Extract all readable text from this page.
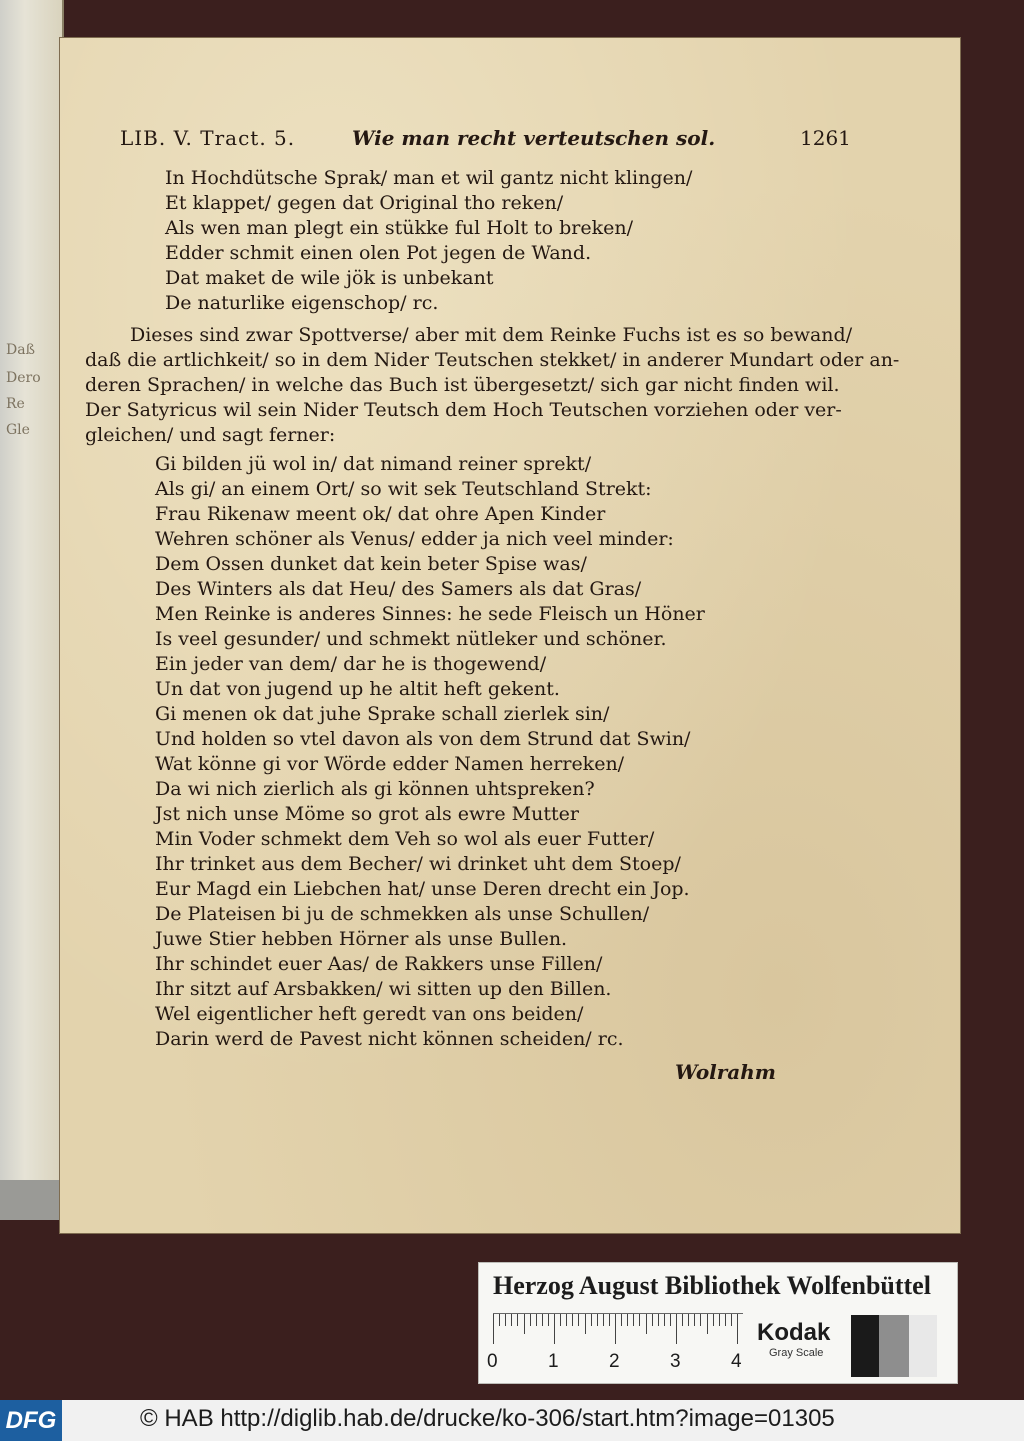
Daß
Dero
Re
Gle
LIB. V. Tract. 5.	Wie man recht verteutschen sol.	1261
In Hochdütsche Sprak/ man et wil gantz nicht klingen/
Et klappet/ gegen dat Original tho reken/
Als wen man plegt ein stükke ful Holt to breken/
Edder schmit einen olen Pot jegen de Wand.
Dat maket de wile jök is unbekant
De naturlike eigenschop/ rc.
Dieses sind zwar Spottverse/ aber mit dem Reinke Fuchs ist es so bewand/
daß die artlichkeit/ so in dem Nider Teutschen stekket/ in anderer Mundart oder an-
deren Sprachen/ in welche das Buch ist übergesetzt/ sich gar nicht finden wil.
Der Satyricus wil sein Nider Teutsch dem Hoch Teutschen vorziehen oder ver-
gleichen/ und sagt ferner:
Gi bilden jü wol in/ dat nimand reiner sprekt/
Als gi/ an einem Ort/ so wit sek Teutschland Strekt:
Frau Rikenaw meent ok/ dat ohre Apen Kinder
Wehren schöner als Venus/ edder ja nich veel minder:
Dem Ossen dunket dat kein beter Spise was/
Des Winters als dat Heu/ des Samers als dat Gras/
Men Reinke is anderes Sinnes: he sede Fleisch un Höner
Is veel gesunder/ und schmekt nütleker und schöner.
Ein jeder van dem/ dar he is thogewend/
Un dat von jugend up he altit heft gekent.
Gi menen ok dat juhe Sprake schall zierlek sin/
Und holden so vtel davon als von dem Strund dat Swin/
Wat könne gi vor Wörde edder Namen herreken/
Da wi nich zierlich als gi können uhtspreken?
Jst nich unse Möme so grot als ewre Mutter
Min Voder schmekt dem Veh so wol als euer Futter/
Ihr trinket aus dem Becher/ wi drinket uht dem Stoep/
Eur Magd ein Liebchen hat/ unse Deren drecht ein Jop.
De Plateisen bi ju de schmekken als unse Schullen/
Juwe Stier hebben Hörner als unse Bullen.
Ihr schindet euer Aas/ de Rakkers unse Fillen/
Ihr sitzt auf Arsbakken/ wi sitten up den Billen.
Wel eigentlicher heft geredt van ons beiden/
Darin werd de Pavest nicht können scheiden/ rc.
Wolrahm
Herzog August Bibliothek Wolfenbüttel
0	1	2	3	4
Kodak
Gray Scale
DFG	© HAB http://diglib.hab.de/drucke/ko-306/start.htm?image=01305
